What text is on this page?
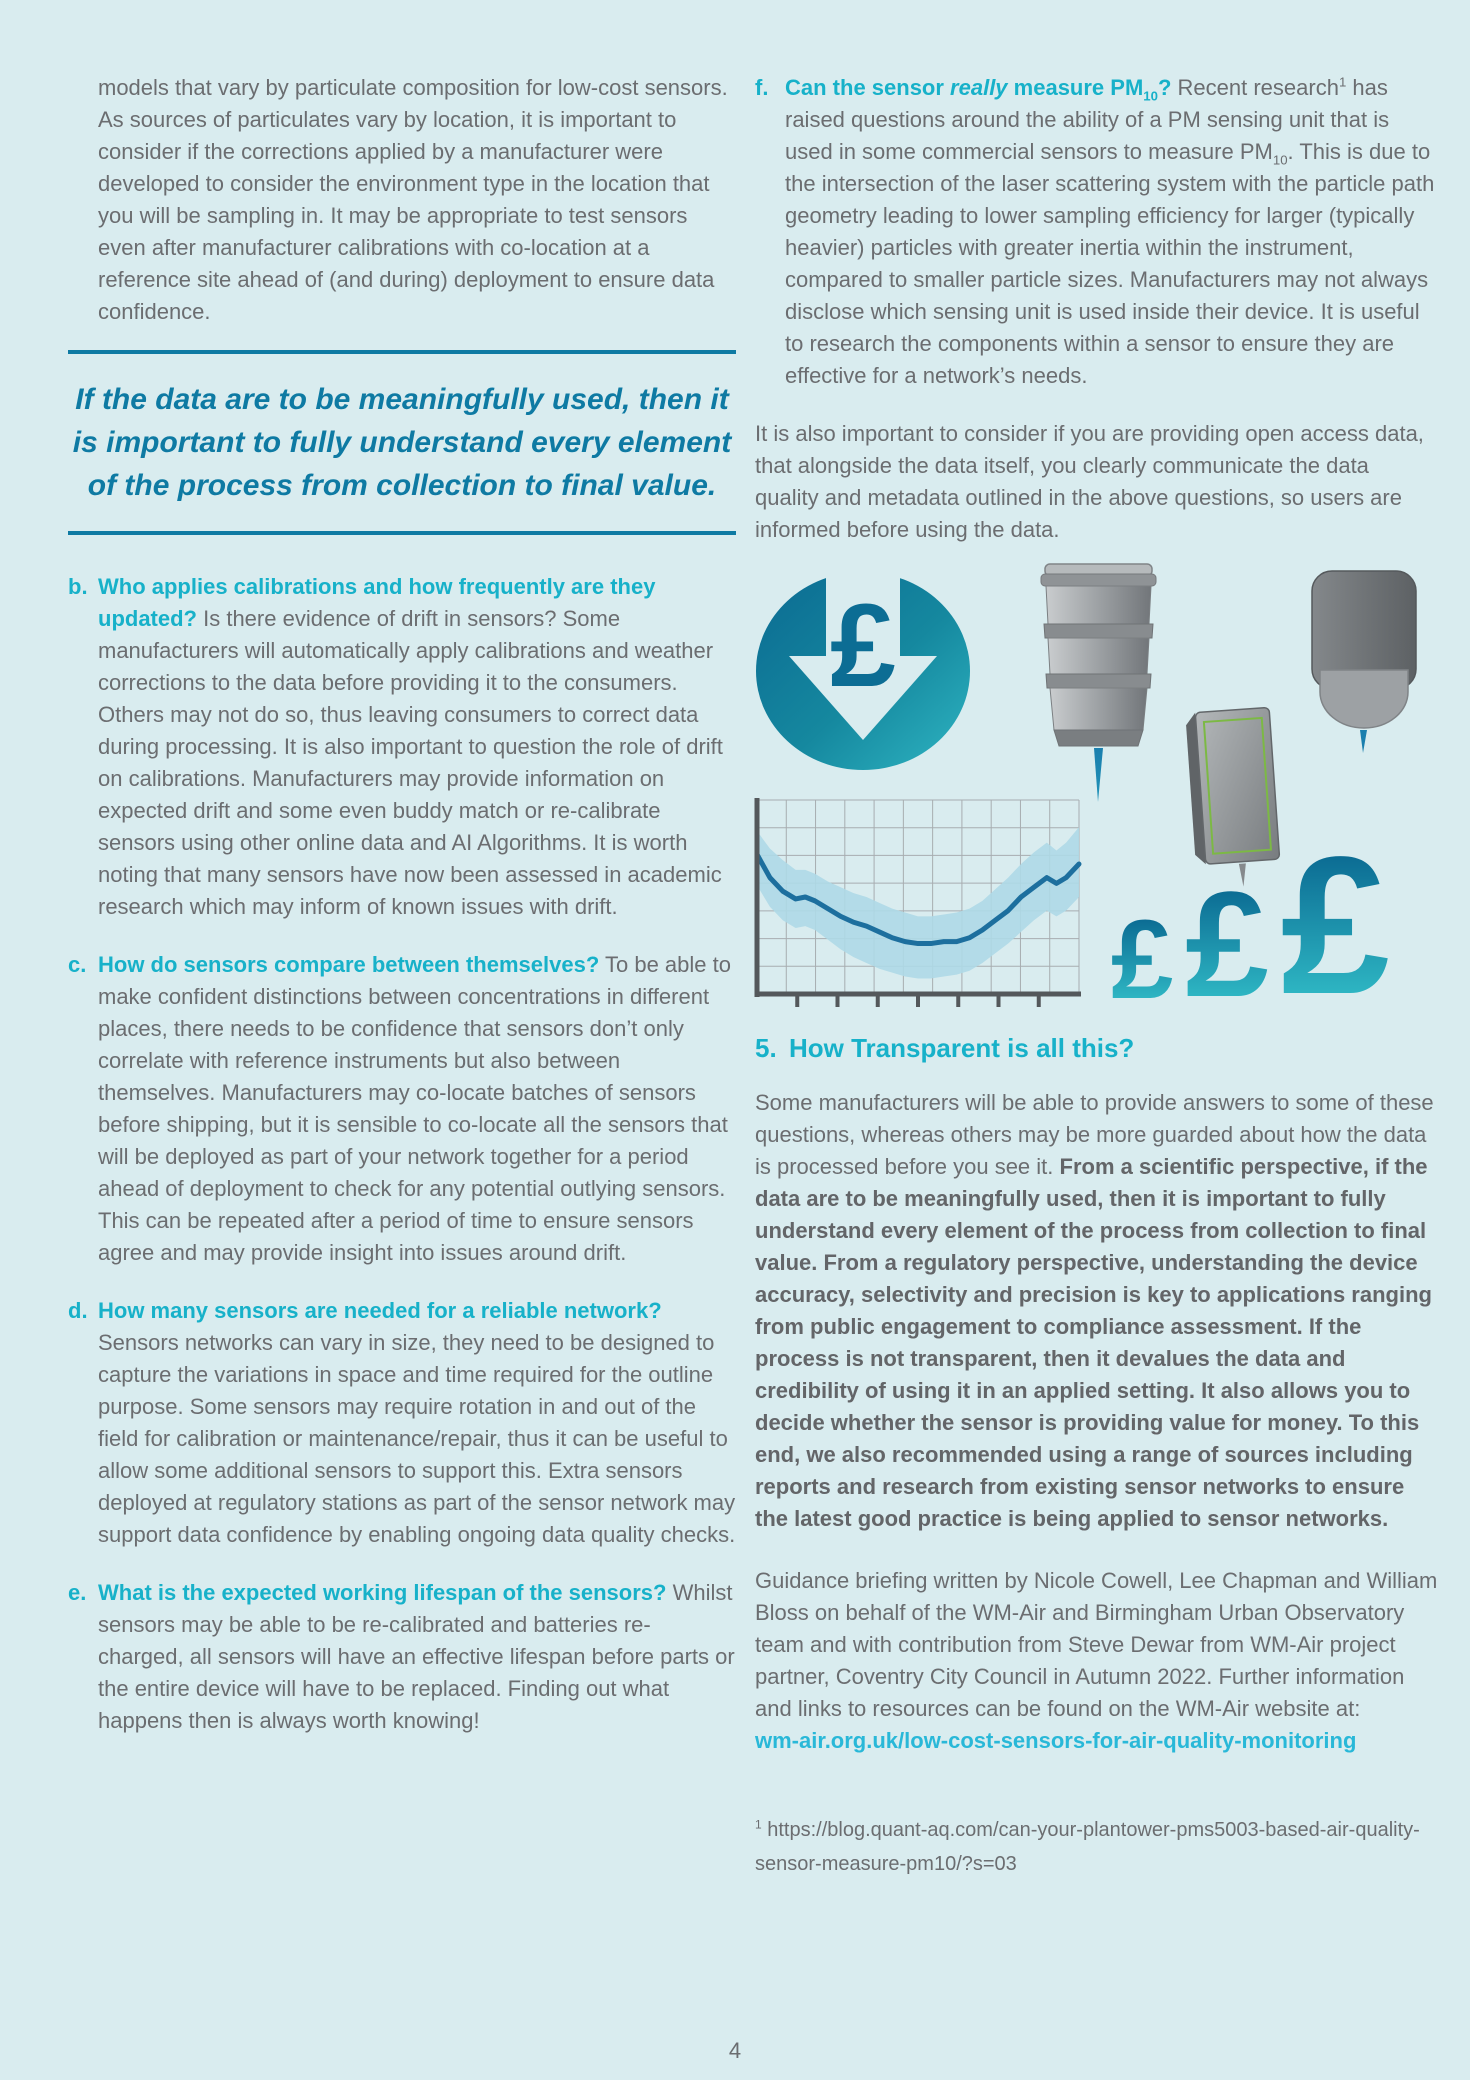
models that vary by particulate composition for low-cost sensors. As sources of particulates vary by location, it is important to consider if the corrections applied by a manufacturer were developed to consider the environment type in the location that you will be sampling in. It may be appropriate to test sensors even after manufacturer calibrations with co-location at a reference site ahead of (and during) deployment to ensure data confidence.

If the data are to be meaningfully used, then it is important to fully understand every element of the process from collection to final value.

b. Who applies calibrations and how frequently are they updated? Is there evidence of drift in sensors? Some manufacturers will automatically apply calibrations and weather corrections to the data before providing it to the consumers. Others may not do so, thus leaving consumers to correct data during processing. It is also important to question the role of drift on calibrations. Manufacturers may provide information on expected drift and some even buddy match or re-calibrate sensors using other online data and AI Algorithms. It is worth noting that many sensors have now been assessed in academic research which may inform of known issues with drift.

c. How do sensors compare between themselves? To be able to make confident distinctions between concentrations in different places, there needs to be confidence that sensors don’t only correlate with reference instruments but also between themselves. Manufacturers may co-locate batches of sensors before shipping, but it is sensible to co-locate all the sensors that will be deployed as part of your network together for a period ahead of deployment to check for any potential outlying sensors. This can be repeated after a period of time to ensure sensors agree and may provide insight into issues around drift.

d. How many sensors are needed for a reliable network? Sensors networks can vary in size, they need to be designed to capture the variations in space and time required for the outline purpose. Some sensors may require rotation in and out of the field for calibration or maintenance/repair, thus it can be useful to allow some additional sensors to support this. Extra sensors deployed at regulatory stations as part of the sensor network may support data confidence by enabling ongoing data quality checks.

e. What is the expected working lifespan of the sensors? Whilst sensors may be able to be re-calibrated and batteries re-charged, all sensors will have an effective lifespan before parts or the entire device will have to be replaced. Finding out what happens then is always worth knowing!

f. Can the sensor really measure $PM_{10}$? Recent research$^1$ has raised questions around the ability of a PM sensing unit that is used in some commercial sensors to measure $PM_{10}$. This is due to the intersection of the laser scattering system with the particle path geometry leading to lower sampling efficiency for larger (typically heavier) particles with greater inertia within the instrument, compared to smaller particle sizes. Manufacturers may not always disclose which sensing unit is used inside their device. It is useful to research the components within a sensor to ensure they are effective for a network’s needs.

It is also important to consider if you are providing open access data, that alongside the data itself, you clearly communicate the data quality and metadata outlined in the above questions, so users are informed before using the data.

£
£ £ £
5. How Transparent is all this?

Some manufacturers will be able to provide answers to some of these questions, whereas others may be more guarded about how the data is processed before you see it. From a scientific perspective, if the data are to be meaningfully used, then it is important to fully understand every element of the process from collection to final value. From a regulatory perspective, understanding the device accuracy, selectivity and precision is key to applications ranging from public engagement to compliance assessment. If the process is not transparent, then it devalues the data and credibility of using it in an applied setting. It also allows you to decide whether the sensor is providing value for money. To this end, we also recommended using a range of sources including reports and research from existing sensor networks to ensure the latest good practice is being applied to sensor networks.

Guidance briefing written by Nicole Cowell, Lee Chapman and William Bloss on behalf of the WM-Air and Birmingham Urban Observatory team and with contribution from Steve Dewar from WM-Air project partner, Coventry City Council in Autumn 2022. Further information and links to resources can be found on the WM-Air website at:

wm-air.org.uk/low-cost-sensors-for-air-quality-monitoring

$^1$ https://blog.quant-aq.com/can-your-plantower-pms5003-based-air-quality-sensor-measure-pm10/?s=03

4
